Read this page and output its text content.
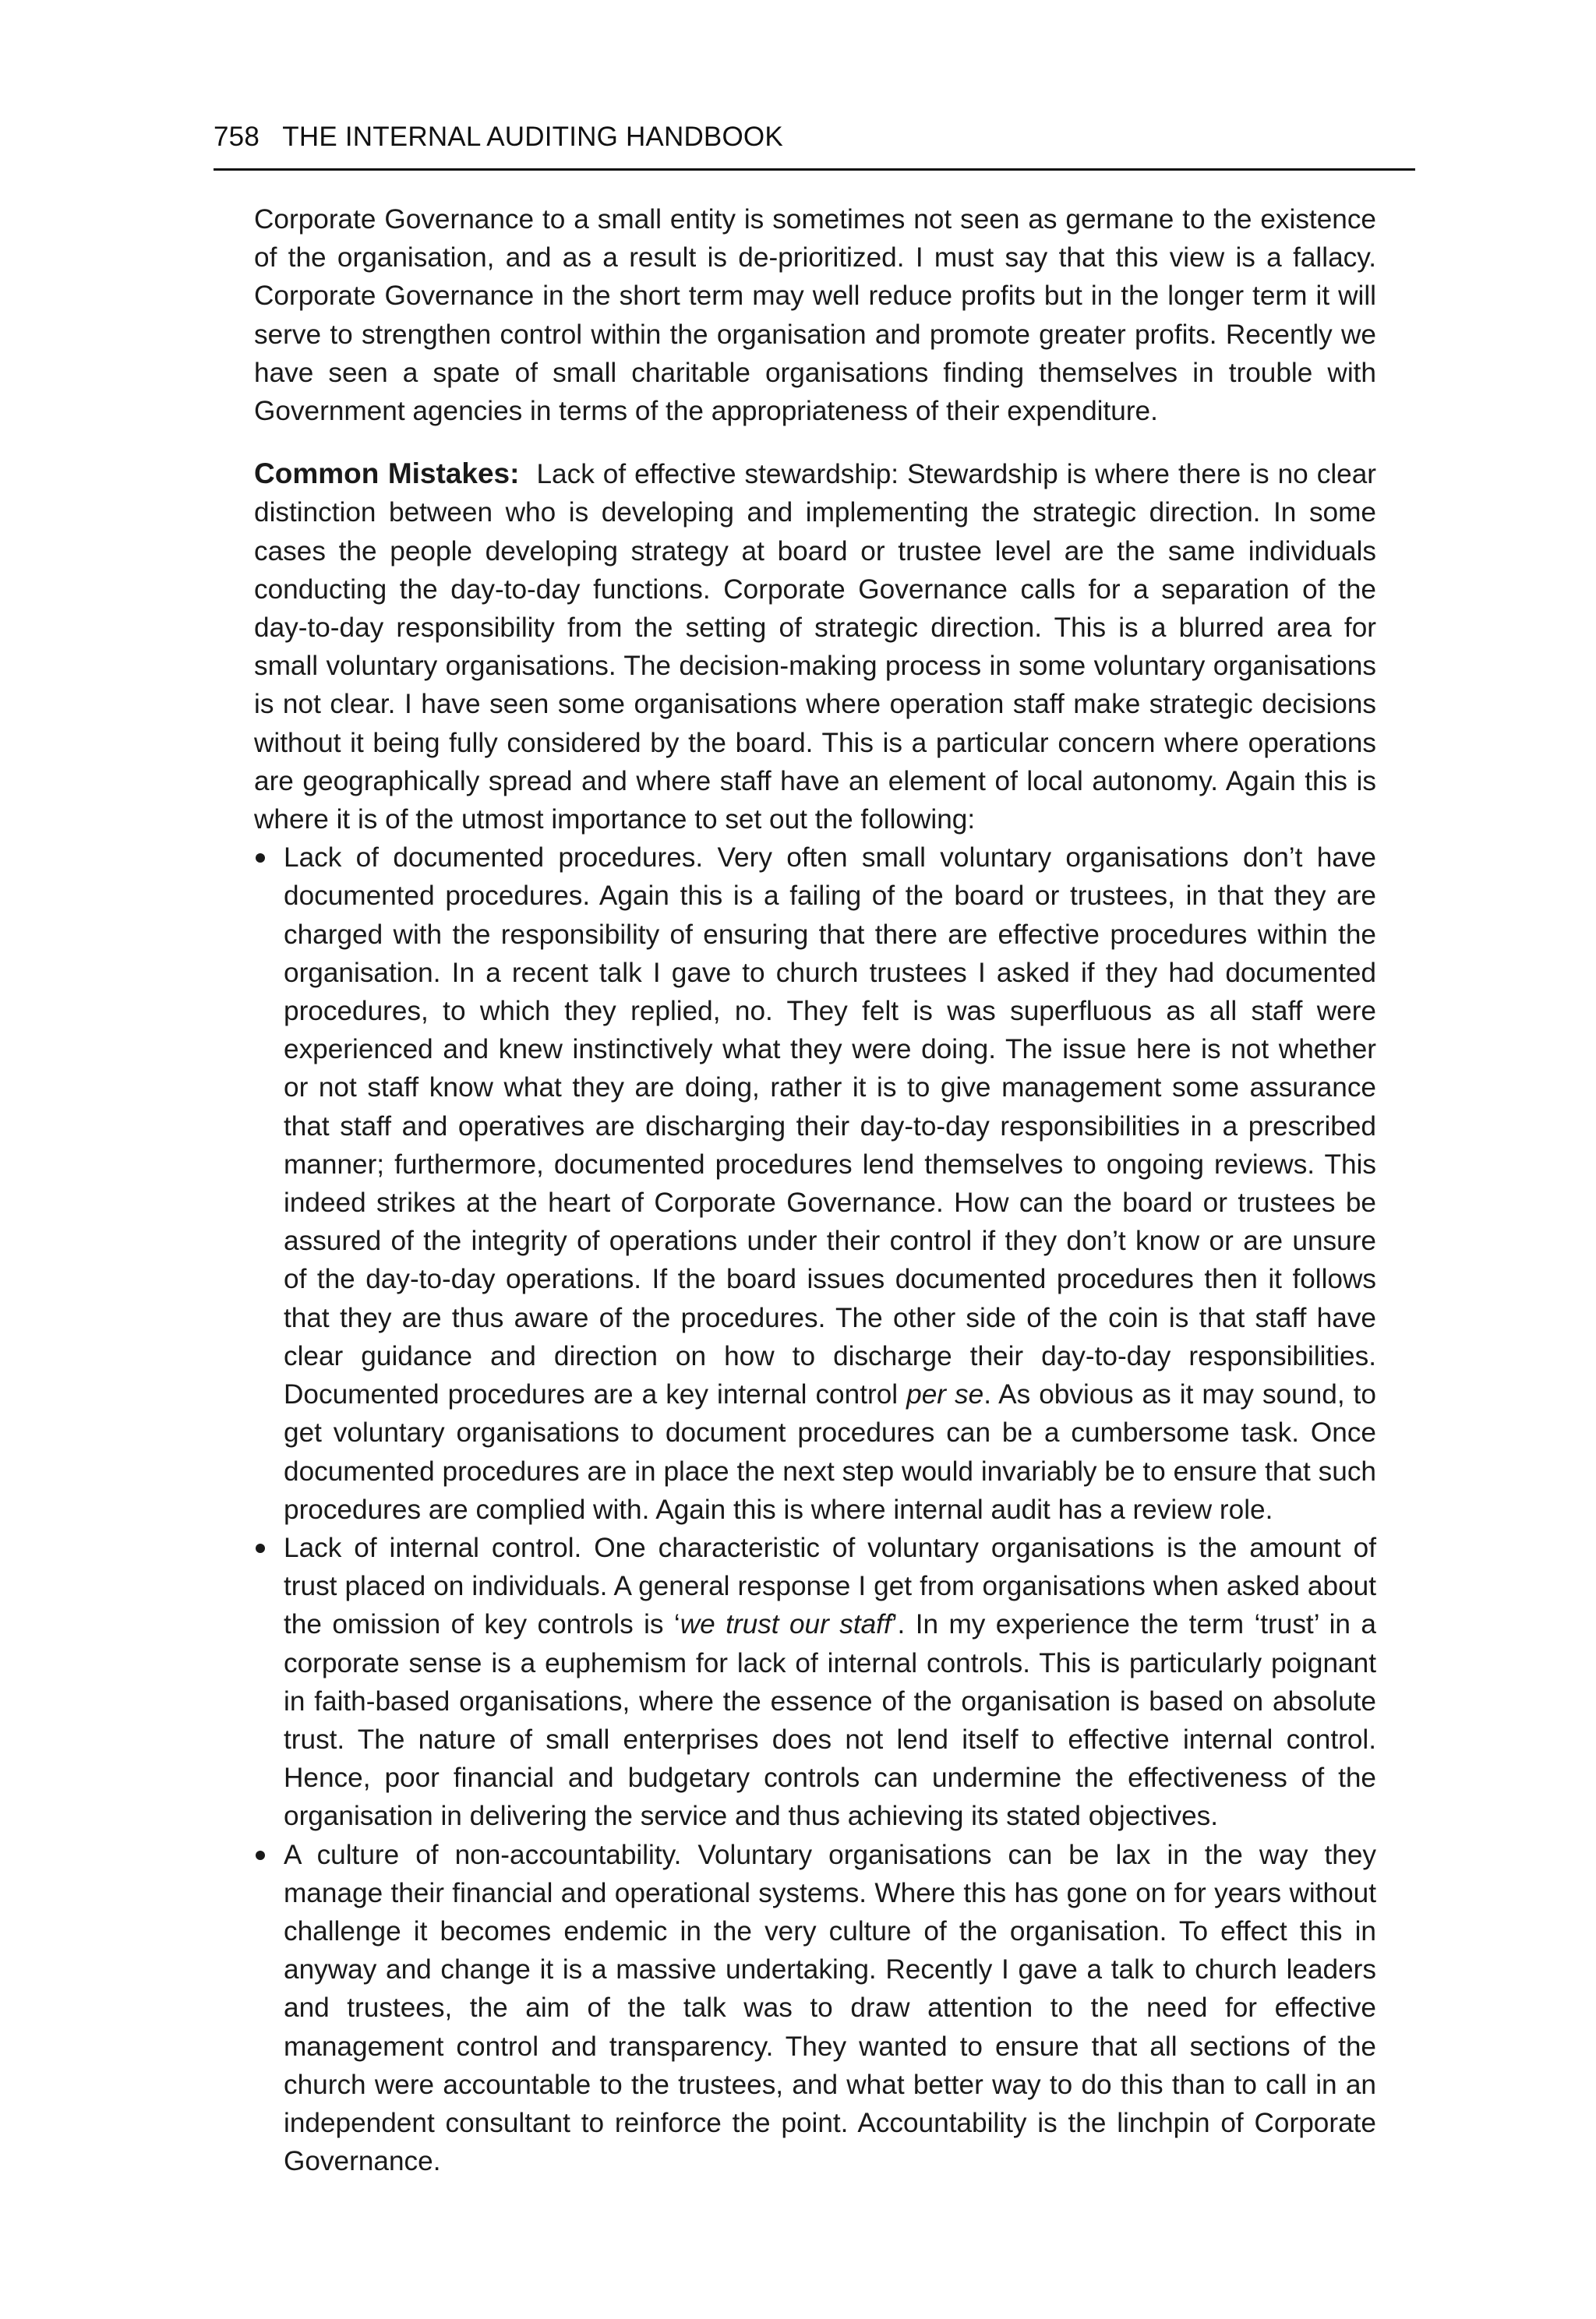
758 THE INTERNAL AUDITING HANDBOOK

Corporate Governance to a small entity is sometimes not seen as germane to the existence of the organisation, and as a result is de-prioritized. I must say that this view is a fallacy. Corporate Governance in the short term may well reduce profits but in the longer term it will serve to strengthen control within the organisation and promote greater profits. Recently we have seen a spate of small charitable organisations finding themselves in trouble with Government agencies in terms of the appropriateness of their expenditure.

Common Mistakes: Lack of effective stewardship: Stewardship is where there is no clear distinction between who is developing and implementing the strategic direction. In some cases the people developing strategy at board or trustee level are the same individuals conducting the day-to-day functions. Corporate Governance calls for a separation of the day-to-day responsibility from the setting of strategic direction. This is a blurred area for small voluntary organisations. The decision-making process in some voluntary organisations is not clear. I have seen some organisations where operation staff make strategic decisions without it being fully considered by the board. This is a particular concern where operations are geographically spread and where staff have an element of local autonomy. Again this is where it is of the utmost importance to set out the following:

Lack of documented procedures. Very often small voluntary organisations don’t have documented procedures. Again this is a failing of the board or trustees, in that they are charged with the responsibility of ensuring that there are effective procedures within the organisation. In a recent talk I gave to church trustees I asked if they had documented procedures, to which they replied, no. They felt is was superfluous as all staff were experienced and knew instinctively what they were doing. The issue here is not whether or not staff know what they are doing, rather it is to give management some assurance that staff and operatives are discharging their day-to-day responsibilities in a prescribed manner; furthermore, documented procedures lend themselves to ongoing reviews. This indeed strikes at the heart of Corporate Governance. How can the board or trustees be assured of the integrity of operations under their control if they don’t know or are unsure of the day-to-day operations. If the board issues documented procedures then it follows that they are thus aware of the procedures. The other side of the coin is that staff have clear guidance and direction on how to discharge their day-to-day responsibilities. Documented procedures are a key internal control per se. As obvious as it may sound, to get voluntary organisations to document procedures can be a cumbersome task. Once documented procedures are in place the next step would invariably be to ensure that such procedures are complied with. Again this is where internal audit has a review role.
Lack of internal control. One characteristic of voluntary organisations is the amount of trust placed on individuals. A general response I get from organisations when asked about the omission of key controls is ‘we trust our staff’. In my experience the term ‘trust’ in a corporate sense is a euphemism for lack of internal controls. This is particularly poignant in faith-based organisations, where the essence of the organisation is based on absolute trust. The nature of small enterprises does not lend itself to effective internal control. Hence, poor financial and budgetary controls can undermine the effectiveness of the organisation in delivering the service and thus achieving its stated objectives.
A culture of non-accountability. Voluntary organisations can be lax in the way they manage their financial and operational systems. Where this has gone on for years without challenge it becomes endemic in the very culture of the organisation. To effect this in anyway and change it is a massive undertaking. Recently I gave a talk to church leaders and trustees, the aim of the talk was to draw attention to the need for effective management control and transparency. They wanted to ensure that all sections of the church were accountable to the trustees, and what better way to do this than to call in an independent consultant to reinforce the point. Accountability is the linchpin of Corporate Governance.
